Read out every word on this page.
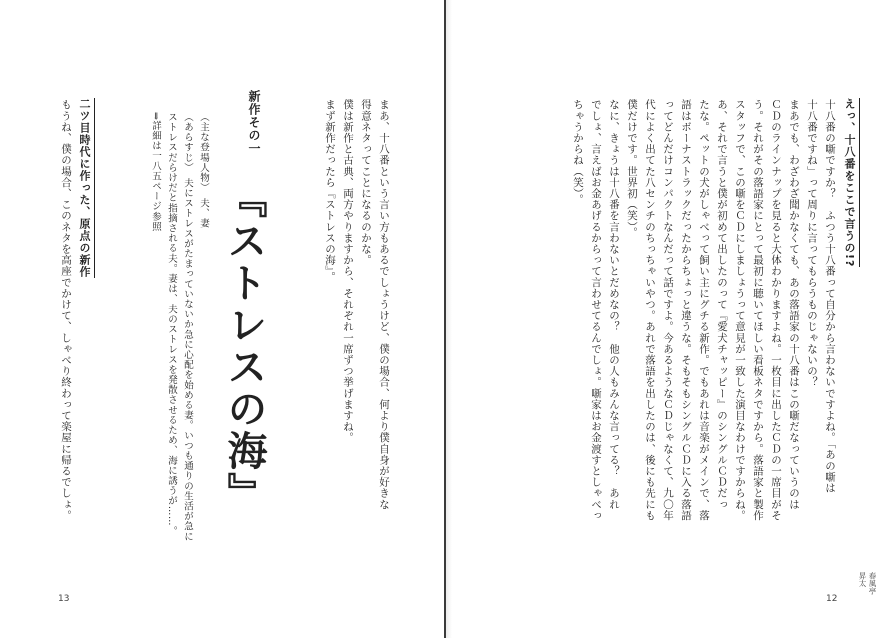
えっ、十八番をここで言うの!?
十八番の噺ですか？　ふつう十八番って自分から言わないですよね。「あの噺は
十八番ですね」って周りに言ってもらうものじゃないの？
まあでも、わざわざ聞かなくても、あの落語家の十八番はこの噺だなっていうのは
ＣＤのラインナップを見ると大体わかりますよね。一枚目に出したＣＤの一席目がそ
う。それがその落語家にとって最初に聴いてほしい看板ネタですから。落語家と製作
スタッフで、この噺をＣＤにしましょうって意見が一致した演目なわけですからね。
あ、それで言うと僕が初めて出したのって『愛犬チャッピー』のシングルＣＤだっ
たな。ペットの犬がしゃべって飼い主にグチる新作。でもあれは音楽がメインで、落
語はボーナストラックだったからちょっと違うな。そもそもシングルＣＤに入る落語
ってどんだけコンパクトなんだって話ですよ。今あるようなＣＤじゃなくて、九〇年
代によく出てた八センチのちっちゃいやつ。あれで落語を出したのは、後にも先にも
僕だけです。世界初（笑）。
なに、きょうは十八番を言わないとだめなの？　他の人もみんな言ってる？　あれ
でしょ、言えばお金あげるからって言わせてるんでしょ。噺家はお金渡すとしゃべっ
ちゃうからね（笑）。
12
春風亭
昇太
まあ、十八番という言い方もあるでしょうけど、僕の場合、何より僕自身が好きな
得意ネタってことになるのかな。
僕は新作と古典、両方やりますから、それぞれ一席ずつ挙げますね。
まず新作だったら『ストレスの海』。
新作その一
『ストレスの海』
（主な登場人物）　夫、妻
（あらすじ）　夫にストレスがたまっていないか急に心配を始める妻。いつも通りの生活が急に
ストレスだらけだと指摘される夫。妻は、夫のストレスを発散させるため、海に誘うが……。
⇒詳細は一八五ページ参照
二ツ目時代に作った、原点の新作
もうね、僕の場合、このネタを高座でかけて、しゃべり終わって楽屋に帰るでしょ。
13
